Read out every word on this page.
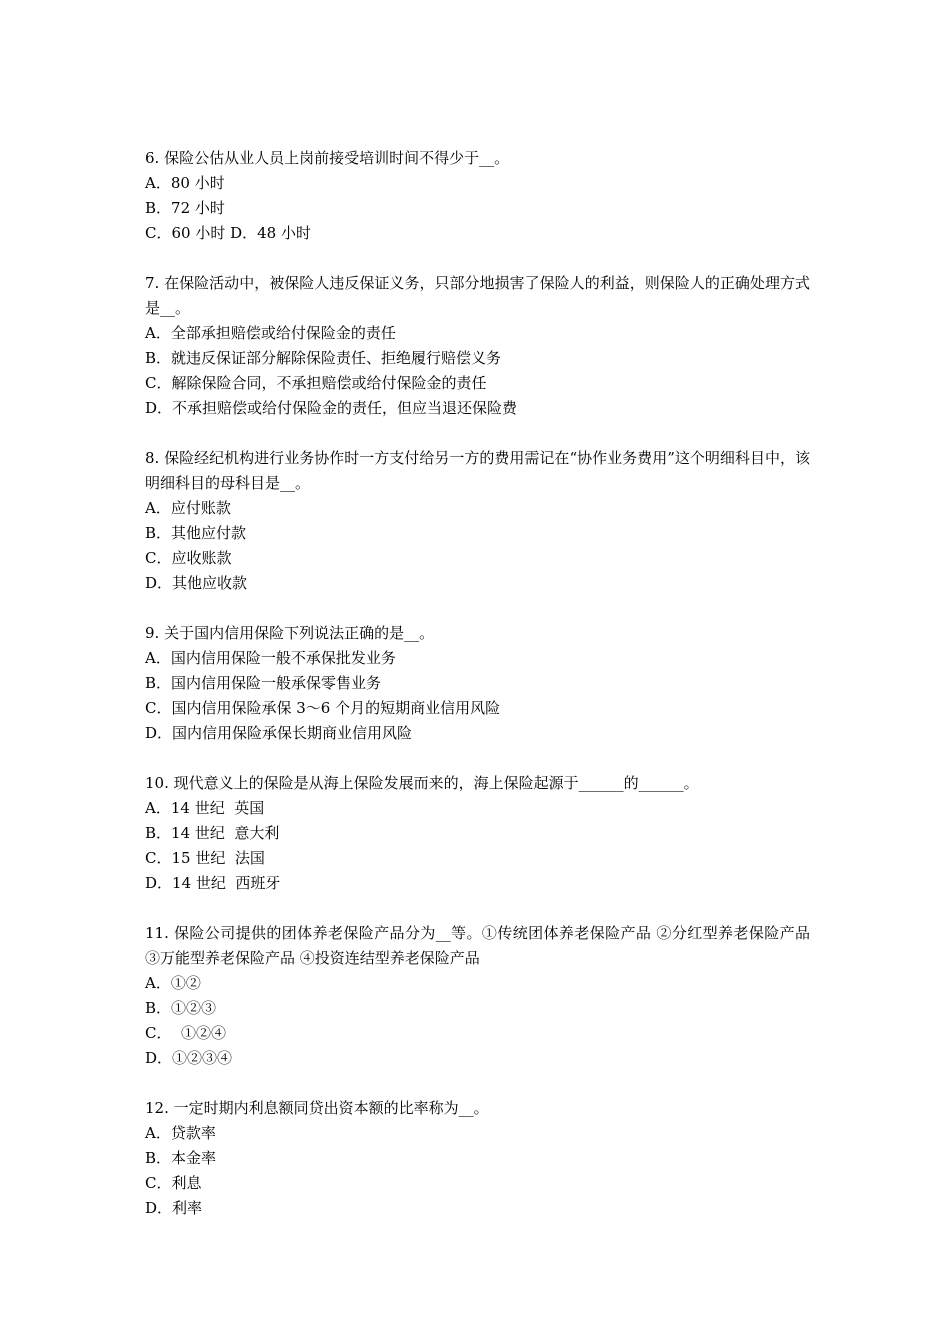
6. 保险公估从业人员上岗前接受培训时间不得少于__。

A．80 小时

B．72 小时

C．60 小时 D．48 小时

7. 在保险活动中，被保险人违反保证义务，只部分地损害了保险人的利益，则保险人的正确处理方式是__。

A．全部承担赔偿或给付保险金的责任

B．就违反保证部分解除保险责任、拒绝履行赔偿义务

C．解除保险合同，不承担赔偿或给付保险金的责任

D．不承担赔偿或给付保险金的责任，但应当退还保险费

8. 保险经纪机构进行业务协作时一方支付给另一方的费用需记在“协作业务费用”这个明细科目中，该明细科目的母科目是__。

A．应付账款

B．其他应付款

C．应收账款

D．其他应收款

9. 关于国内信用保险下列说法正确的是__。

A．国内信用保险一般不承保批发业务

B．国内信用保险一般承保零售业务

C．国内信用保险承保 3～6 个月的短期商业信用风险

D．国内信用保险承保长期商业信用风险

10. 现代意义上的保险是从海上保险发展而来的，海上保险起源于______的______。

A．14 世纪  英国

B．14 世纪  意大利

C．15 世纪  法国

D．14 世纪  西班牙

11. 保险公司提供的团体养老保险产品分为__等。①传统团体养老保险产品 ②分红型养老保险产品 ③万能型养老保险产品 ④投资连结型养老保险产品

A．①②

B．①②③

C．  ①②④

D．①②③④

12. 一定时期内利息额同贷出资本额的比率称为__。

A．贷款率

B．本金率

C．利息

D．利率
